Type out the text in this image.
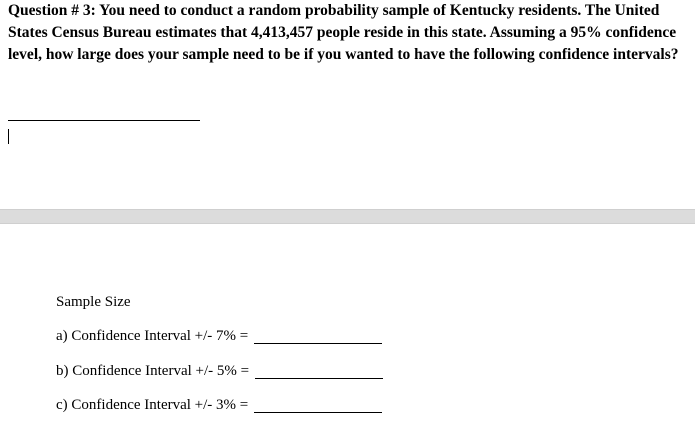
Question # 3: You need to conduct a random probability sample of Kentucky residents. The United States Census Bureau estimates that 4,413,457 people reside in this state. Assuming a 95% confidence level, how large does your sample need to be if you wanted to have the following confidence intervals?

Sample Size
a) Confidence Interval +/- 7% =
b) Confidence Interval +/- 5% =
c) Confidence Interval +/- 3% =
